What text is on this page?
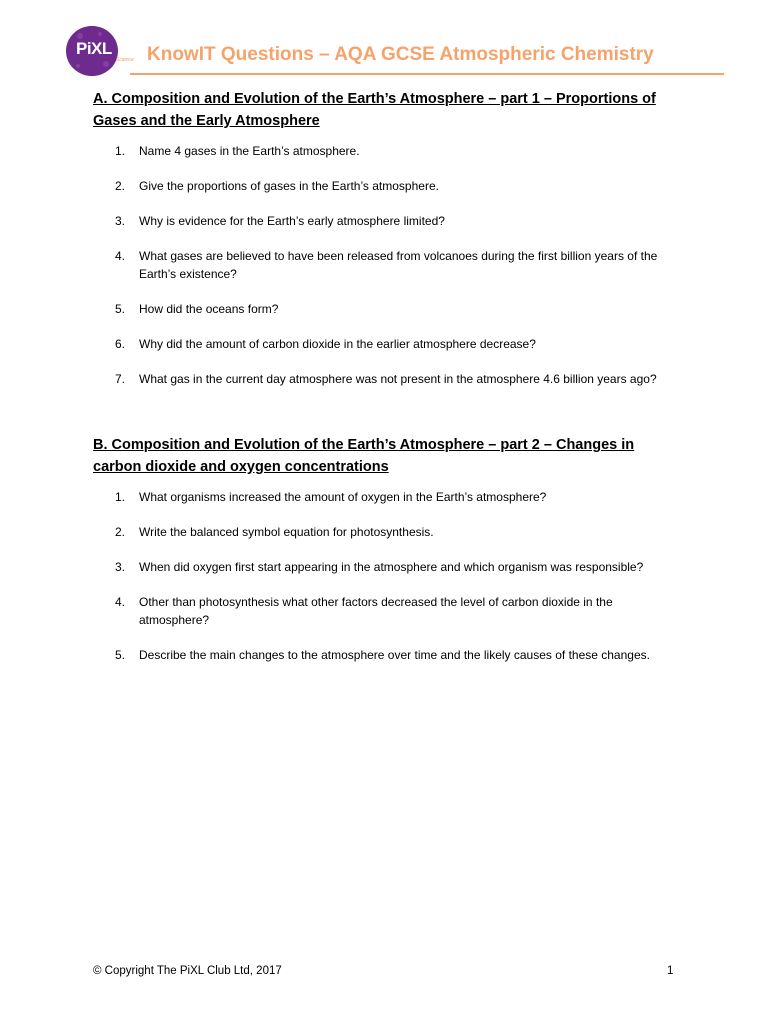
PiXL
Science KnowIT Questions – AQA GCSE Atmospheric Chemistry
A. Composition and Evolution of the Earth’s Atmosphere – part 1 – Proportions of Gases and the Early Atmosphere
1. Name 4 gases in the Earth’s atmosphere.
2. Give the proportions of gases in the Earth’s atmosphere.
3. Why is evidence for the Earth’s early atmosphere limited?
4. What gases are believed to have been released from volcanoes during the first billion years of the Earth’s existence?
5. How did the oceans form?
6. Why did the amount of carbon dioxide in the earlier atmosphere decrease?
7. What gas in the current day atmosphere was not present in the atmosphere 4.6 billion years ago?
B. Composition and Evolution of the Earth’s Atmosphere – part 2 – Changes in carbon dioxide and oxygen concentrations
1. What organisms increased the amount of oxygen in the Earth’s atmosphere?
2. Write the balanced symbol equation for photosynthesis.
3. When did oxygen first start appearing in the atmosphere and which organism was responsible?
4. Other than photosynthesis what other factors decreased the level of carbon dioxide in the atmosphere?
5. Describe the main changes to the atmosphere over time and the likely causes of these changes.
© Copyright The PiXL Club Ltd, 2017	1
